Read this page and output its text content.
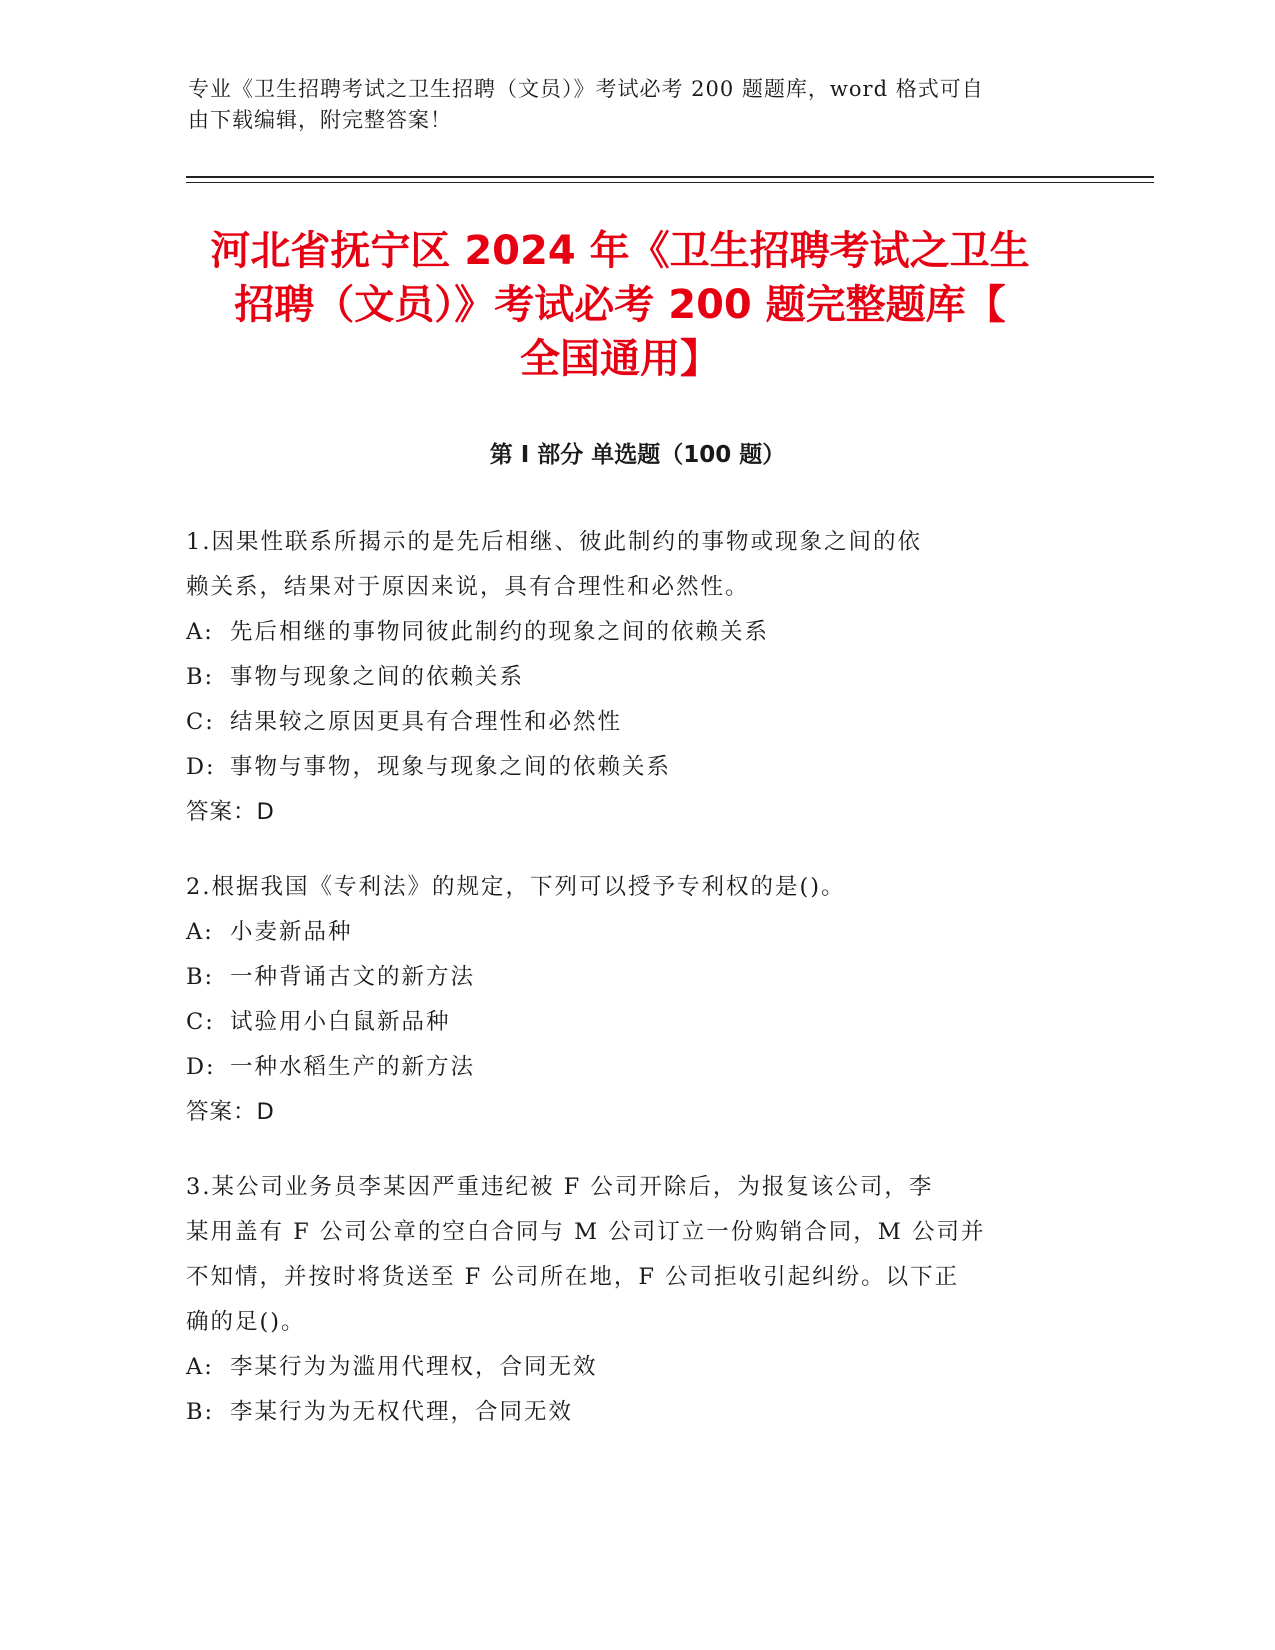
专业《卫生招聘考试之卫生招聘（文员）》考试必考 200 题题库，word 格式可自
由下载编辑，附完整答案！
河北省抚宁区 2024 年《卫生招聘考试之卫生
招聘（文员）》考试必考 200 题完整题库【
全国通用】
第 I 部分 单选题（100 题）
1.因果性联系所揭示的是先后相继、彼此制约的事物或现象之间的依
赖关系，结果对于原因来说，具有合理性和必然性。
A: 先后相继的事物同彼此制约的现象之间的依赖关系
B: 事物与现象之间的依赖关系
C: 结果较之原因更具有合理性和必然性
D: 事物与事物，现象与现象之间的依赖关系
答案：D
2.根据我国《专利法》的规定，下列可以授予专利权的是()。
A: 小麦新品种
B: 一种背诵古文的新方法
C: 试验用小白鼠新品种
D: 一种水稻生产的新方法
答案：D
3.某公司业务员李某因严重违纪被 F 公司开除后，为报复该公司，李
某用盖有 F 公司公章的空白合同与 M 公司订立一份购销合同，M 公司并
不知情，并按时将货送至 F 公司所在地，F 公司拒收引起纠纷。以下正
确的足()。
A: 李某行为为滥用代理权，合同无效
B: 李某行为为无权代理，合同无效
